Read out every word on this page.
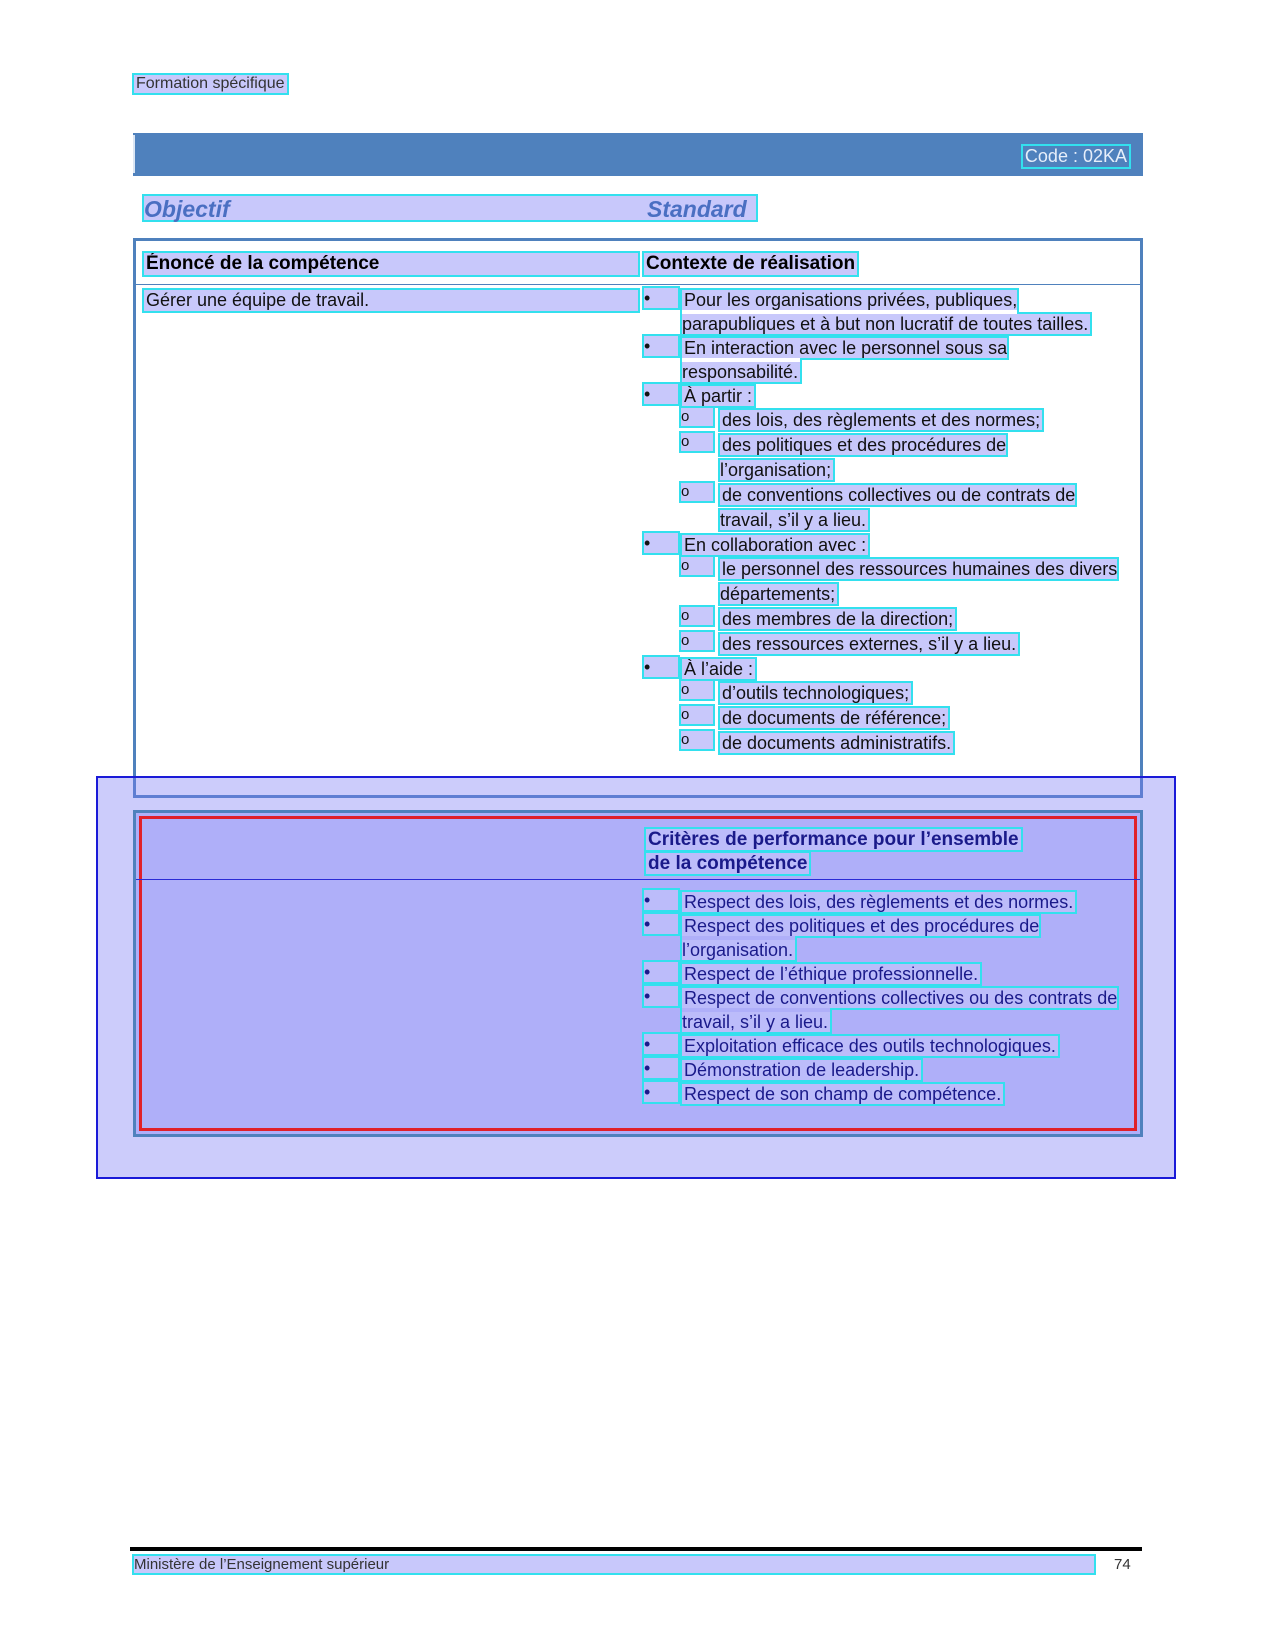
Formation spécifique
Code : 02KA
Objectif	Standard
Énoncé de la compétence	Contexte de réalisation
Gérer une équipe de travail.	•	Pour les organisations privées, publiques, parapubliques et à but non lucratif de toutes tailles.
•	En interaction avec le personnel sous sa responsabilité.
•	À partir :
o	des lois, des règlements et des normes;
o	des politiques et des procédures de l’organisation;
o	de conventions collectives ou de contrats de travail, s’il y a lieu.
•	En collaboration avec :
o	le personnel des ressources humaines des divers départements;
o	des membres de la direction;
o	des ressources externes, s’il y a lieu.
•	À l’aide :
o	d’outils technologiques;
o	de documents de référence;
o	de documents administratifs.
Critères de performance pour l’ensemble
de la compétence
•	Respect des lois, des règlements et des normes.
•	Respect des politiques et des procédures de l’organisation.
•	Respect de l’éthique professionnelle.
•	Respect de conventions collectives ou des contrats de travail, s’il y a lieu.
•	Exploitation efficace des outils technologiques.
•	Démonstration de leadership.
•	Respect de son champ de compétence.
Ministère de l’Enseignement supérieur	74
